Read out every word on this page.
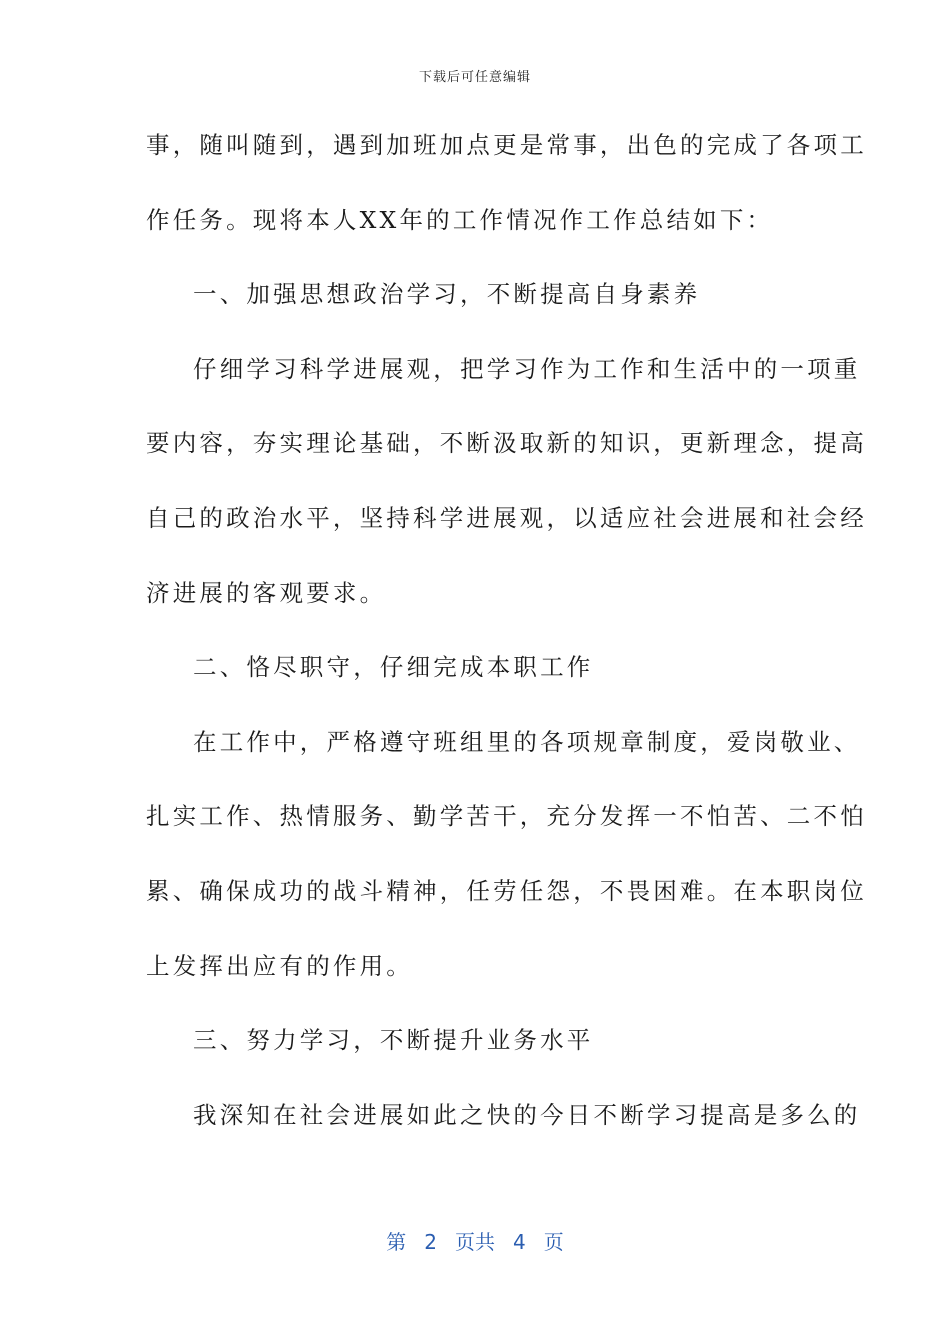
下载后可任意编辑
事，随叫随到，遇到加班加点更是常事，出色的完成了各项工
作任务。现将本人XX年的工作情况作工作总结如下：
一、加强思想政治学习，不断提高自身素养
仔细学习科学进展观，把学习作为工作和生活中的一项重
要内容，夯实理论基础，不断汲取新的知识，更新理念，提高
自己的政治水平，坚持科学进展观，以适应社会进展和社会经
济进展的客观要求。
二、恪尽职守，仔细完成本职工作
在工作中，严格遵守班组里的各项规章制度，爱岗敬业、
扎实工作、热情服务、勤学苦干，充分发挥一不怕苦、二不怕
累、确保成功的战斗精神，任劳任怨，不畏困难。在本职岗位
上发挥出应有的作用。
三、努力学习，不断提升业务水平
我深知在社会进展如此之快的今日不断学习提高是多么的
第 2 页共 4 页
